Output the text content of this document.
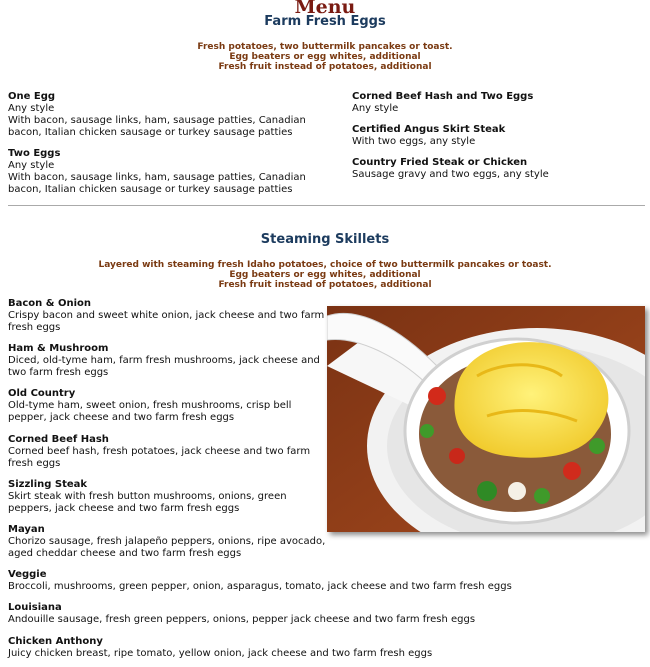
Menu
Farm Fresh Eggs
Fresh potatoes, two buttermilk pancakes or toast.
Egg beaters or egg whites, additional
Fresh fruit instead of potatoes, additional
One Egg
Any style
With bacon, sausage links, ham, sausage patties, Canadian
bacon, Italian chicken sausage or turkey sausage patties
Two Eggs
Any style
With bacon, sausage links, ham, sausage patties, Canadian
bacon, Italian chicken sausage or turkey sausage patties
Corned Beef Hash and Two Eggs
Any style
Certified Angus Skirt Steak
With two eggs, any style
Country Fried Steak or Chicken
Sausage gravy and two eggs, any style
Steaming Skillets
Layered with steaming fresh Idaho potatoes, choice of two buttermilk pancakes or toast.
Egg beaters or egg whites, additional
Fresh fruit instead of potatoes, additional
Bacon & Onion
Crispy bacon and sweet white onion, jack cheese and two farm
fresh eggs
Ham & Mushroom
Diced, old-tyme ham, farm fresh mushrooms, jack cheese and
two farm fresh eggs
Old Country
Old-tyme ham, sweet onion, fresh mushrooms, crisp bell
pepper, jack cheese and two farm fresh eggs
Corned Beef Hash
Corned beef hash, fresh potatoes, jack cheese and two farm
fresh eggs
Sizzling Steak
Skirt steak with fresh button mushrooms, onions, green
peppers, jack cheese and two farm fresh eggs
Mayan
Chorizo sausage, fresh jalapeño peppers, onions, ripe avocado,
aged cheddar cheese and two farm fresh eggs
Veggie
Broccoli, mushrooms, green pepper, onion, asparagus, tomato, jack cheese and two farm fresh eggs
Louisiana
Andouille sausage, fresh green peppers, onions, pepper jack cheese and two farm fresh eggs
Chicken Anthony
Juicy chicken breast, ripe tomato, yellow onion, jack cheese and two farm fresh eggs
